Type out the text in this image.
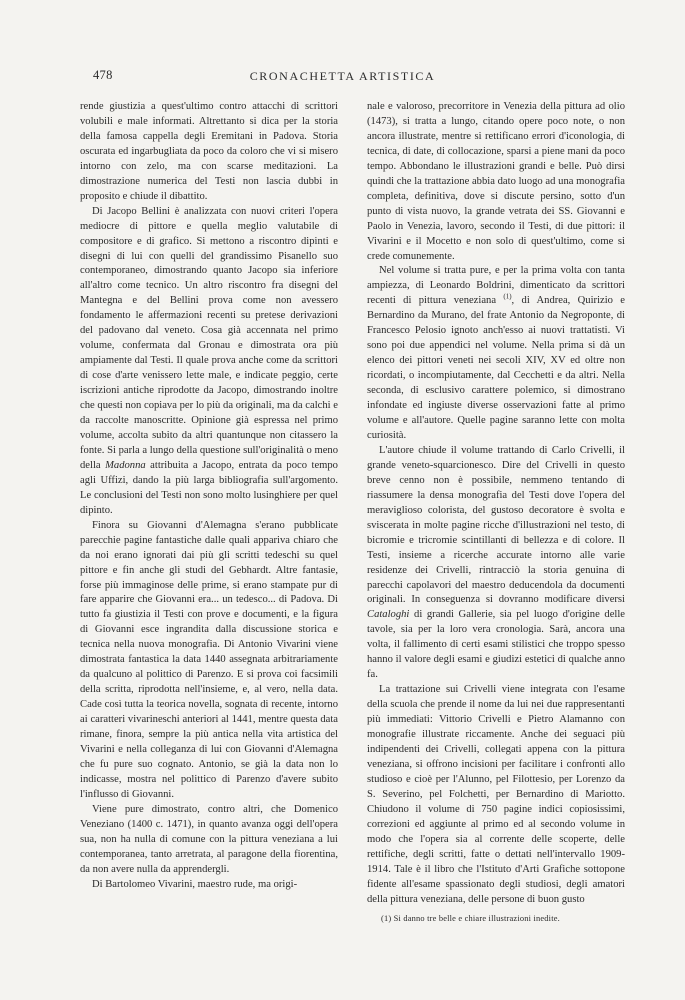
478	CRONACHETTA ARTISTICA

rende giustizia a quest'ultimo contro attacchi di scrittori volubili e male informati. Altrettanto si dica per la storia della famosa cappella degli Eremitani in Padova. Storia oscurata ed ingarbugliata da poco da coloro che vi si misero intorno con zelo, ma con scarse meditazioni. La dimostrazione numerica del Testi non lascia dubbi in proposito e chiude il dibattito.

Di Jacopo Bellini è analizzata con nuovi criteri l'opera mediocre di pittore e quella meglio valutabile di compositore e di grafico. Si mettono a riscontro dipinti e disegni di lui con quelli del grandissimo Pisanello suo contemporaneo, dimostrando quanto Jacopo sia inferiore all'altro come tecnico. Un altro riscontro fra disegni del Mantegna e del Bellini prova come non avessero fondamento le affermazioni recenti su pretese derivazioni del padovano dal veneto. Cosa già accennata nel primo volume, confermata dal Gronau e dimostrata ora più ampiamente dal Testi. Il quale prova anche come da scrittori di cose d'arte venissero lette male, e indicate peggio, certe iscrizioni antiche riprodotte da Jacopo, dimostrando inoltre che questi non copiava per lo più da originali, ma da calchi e da raccolte manoscritte. Opinione già espressa nel primo volume, accolta subito da altri quantunque non citassero la fonte. Si parla a lungo della questione sull'originalità o meno della Madonna attribuita a Jacopo, entrata da poco tempo agli Uffizi, dando la più larga bibliografia sull'argomento. Le conclusioni del Testi non sono molto lusinghiere per quel dipinto.

Finora su Giovanni d'Alemagna s'erano pubblicate parecchie pagine fantastiche dalle quali appariva chiaro che da noi erano ignorati dai più gli scritti tedeschi su quel pittore e fin anche gli studi del Gebhardt. Altre fantasie, forse più immaginose delle prime, si erano stampate pur di fare apparire che Giovanni era... un tedesco... di Padova. Di tutto fa giustizia il Testi con prove e documenti, e la figura di Giovanni esce ingrandita dalla discussione storica e tecnica nella nuova monografia. Di Antonio Vivarini viene dimostrata fantastica la data 1440 assegnata arbitrariamente da qualcuno al polittico di Parenzo. E si prova coi facsimili della scritta, riprodotta nell'insieme, e, al vero, nella data. Cade così tutta la teorica novella, sognata di recente, intorno ai caratteri vivarineschi anteriori al 1441, mentre questa data rimane, finora, sempre la più antica nella vita artistica del Vivarini e nella colleganza di lui con Giovanni d'Alemagna che fu pure suo cognato. Antonio, se già la data non lo indicasse, mostra nel polittico di Parenzo d'avere subito l'influsso di Giovanni.

Viene pure dimostrato, contro altri, che Domenico Veneziano (1400 c. 1471), in quanto avanza oggi dell'opera sua, non ha nulla di comune con la pittura veneziana a lui contemporanea, tanto arretrata, al paragone della fiorentina, da non avere nulla da apprendergli.

Di Bartolomeo Vivarini, maestro rude, ma origi-

nale e valoroso, precorritore in Venezia della pittura ad olio (1473), si tratta a lungo, citando opere poco note, o non ancora illustrate, mentre si rettificano errori d'iconologia, di tecnica, di date, di collocazione, sparsi a piene mani da poco tempo. Abbondano le illustrazioni grandi e belle. Può dirsi quindi che la trattazione abbia dato luogo ad una monografia completa, definitiva, dove si discute persino, sotto d'un punto di vista nuovo, la grande vetrata dei SS. Giovanni e Paolo in Venezia, lavoro, secondo il Testi, di due pittori: il Vivarini e il Mocetto e non solo di quest'ultimo, come si crede comunemente.

Nel volume si tratta pure, e per la prima volta con tanta ampiezza, di Leonardo Boldrini, dimenticato da scrittori recenti di pittura veneziana $^{(1)}$, di Andrea, Quirizio e Bernardino da Murano, del frate Antonio da Negroponte, di Francesco Pelosio ignoto anch'esso ai nuovi trattatisti. Vi sono poi due appendici nel volume. Nella prima si dà un elenco dei pittori veneti nei secoli XIV, XV ed oltre non ricordati, o incompiutamente, dal Cecchetti e da altri. Nella seconda, di esclusivo carattere polemico, si dimostrano infondate ed ingiuste diverse osservazioni fatte al primo volume e all'autore. Quelle pagine saranno lette con molta curiosità.

L'autore chiude il volume trattando di Carlo Crivelli, il grande veneto-squarcionesco. Dire del Crivelli in questo breve cenno non è possibile, nemmeno tentando di riassumere la densa monografia del Testi dove l'opera del meraviglioso colorista, del gustoso decoratore è svolta e sviscerata in molte pagine ricche d'illustrazioni nel testo, di bicromie e tricromie scintillanti di bellezza e di colore. Il Testi, insieme a ricerche accurate intorno alle varie residenze dei Crivelli, rintracciò la storia genuina di parecchi capolavori del maestro deducendola da documenti originali. In conseguenza si dovranno modificare diversi Cataloghi di grandi Gallerie, sia pel luogo d'origine delle tavole, sia per la loro vera cronologia. Sarà, ancora una volta, il fallimento di certi esami stilistici che troppo spesso hanno il valore degli esami e giudizi estetici di qualche anno fa.

La trattazione sui Crivelli viene integrata con l'esame della scuola che prende il nome da lui nei due rappresentanti più immediati: Vittorio Crivelli e Pietro Alamanno con monografie illustrate riccamente. Anche dei seguaci più indipendenti dei Crivelli, collegati appena con la pittura veneziana, si offrono incisioni per facilitare i confronti allo studioso e cioè per l'Alunno, pel Filottesio, per Lorenzo da S. Severino, pel Folchetti, per Bernardino di Mariotto. Chiudono il volume di 750 pagine indici copiosissimi, correzioni ed aggiunte al primo ed al secondo volume in modo che l'opera sia al corrente delle scoperte, delle rettifiche, degli scritti, fatte o dettati nell'intervallo 1909-1914. Tale è il libro che l'Istituto d'Arti Grafiche sottopone fidente all'esame spassionato degli studiosi, degli amatori della pittura veneziana, delle persone di buon gusto

(1) Si danno tre belle e chiare illustrazioni inedite.
